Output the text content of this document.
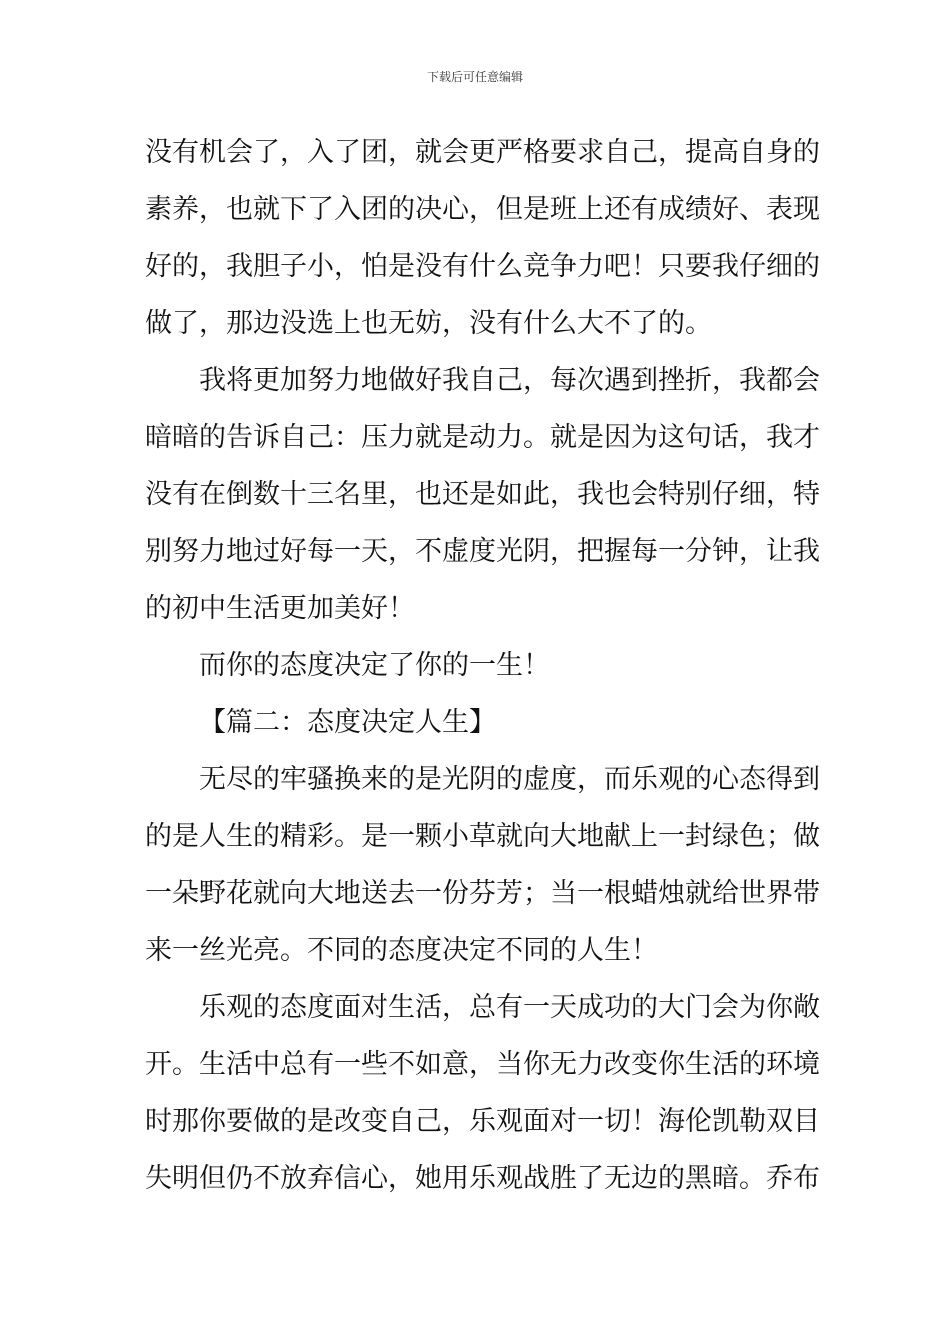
下载后可任意编辑

没有机会了，入了团，就会更严格要求自己，提高自身的

素养，也就下了入团的决心，但是班上还有成绩好、表现

好的，我胆子小，怕是没有什么竞争力吧！只要我仔细的

做了，那边没选上也无妨，没有什么大不了的。

我将更加努力地做好我自己，每次遇到挫折，我都会

暗暗的告诉自己：压力就是动力。就是因为这句话，我才

没有在倒数十三名里，也还是如此，我也会特别仔细，特

别努力地过好每一天，不虚度光阴，把握每一分钟，让我

的初中生活更加美好！

而你的态度决定了你的一生！

【篇二：态度决定人生】

无尽的牢骚换来的是光阴的虚度，而乐观的心态得到

的是人生的精彩。是一颗小草就向大地献上一封绿色；做

一朵野花就向大地送去一份芬芳；当一根蜡烛就给世界带

来一丝光亮。不同的态度决定不同的人生！

乐观的态度面对生活，总有一天成功的大门会为你敞

开。生活中总有一些不如意，当你无力改变你生活的环境

时那你要做的是改变自己，乐观面对一切！海伦凯勒双目

失明但仍不放弃信心，她用乐观战胜了无边的黑暗。乔布
